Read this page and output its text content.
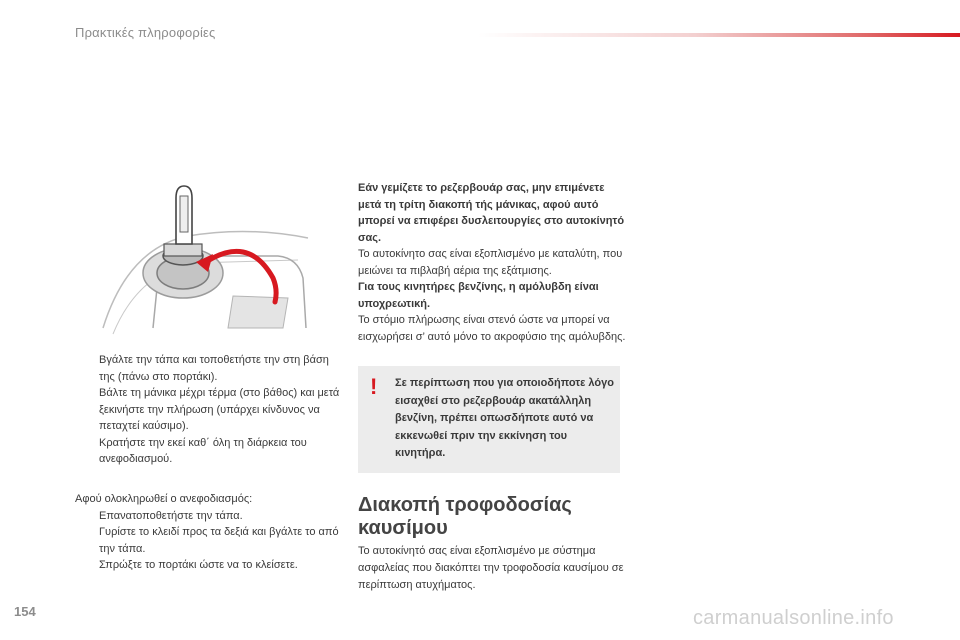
Πρακτικές πληροφορίες
Βγάλτε την τάπα και τοποθετήστε την στη βάση της (πάνω στο πορτάκι).
Βάλτε τη μάνικα μέχρι τέρμα (στο βάθος) και μετά ξεκινήστε την πλήρωση (υπάρχει κίνδυνος να πεταχτεί καύσιμο).
Κρατήστε την εκεί καθ΄ όλη τη διάρκεια του ανεφοδιασμού.
Αφού ολοκληρωθεί ο ανεφοδιασμός:
Επανατοποθετήστε την τάπα.
Γυρίστε το κλειδί προς τα δεξιά και βγάλτε το από την τάπα.
Σπρώξτε το πορτάκι ώστε να το κλείσετε.
Εάν γεμίζετε το ρεζερβουάρ σας, μην επιμένετε μετά τη τρίτη διακοπή τής μάνικας, αφού αυτό μπορεί να επιφέρει δυσλειτουργίες στο αυτοκίνητό σας.
Το αυτοκίνητο σας είναι εξοπλισμένο με καταλύτη, που μειώνει τα πιβλαβή αέρια της εξάτμισης.
Για τους κινητήρες βενζίνης, η αμόλυβδη είναι υποχρεωτική.
Το στόμιο πλήρωσης είναι στενό ώστε να μπορεί να εισχωρήσει σ’ αυτό μόνο το ακροφύσιο της αμόλυβδης.
! Σε περίπτωση που για οποιοδήποτε λόγο εισαχθεί στο ρεζερβουάρ ακατάλληλη βενζίνη, πρέπει οπωσδήποτε αυτό να εκκενωθεί πριν την εκκίνηση του κινητήρα.
Διακοπή τροφοδοσίας καυσίμου
Το αυτοκίνητό σας είναι εξοπλισμένο με σύστημα ασφαλείας που διακόπτει την τροφοδοσία καυσίμου σε περίπτωση ατυχήματος.
154	carmanualsonline.info
